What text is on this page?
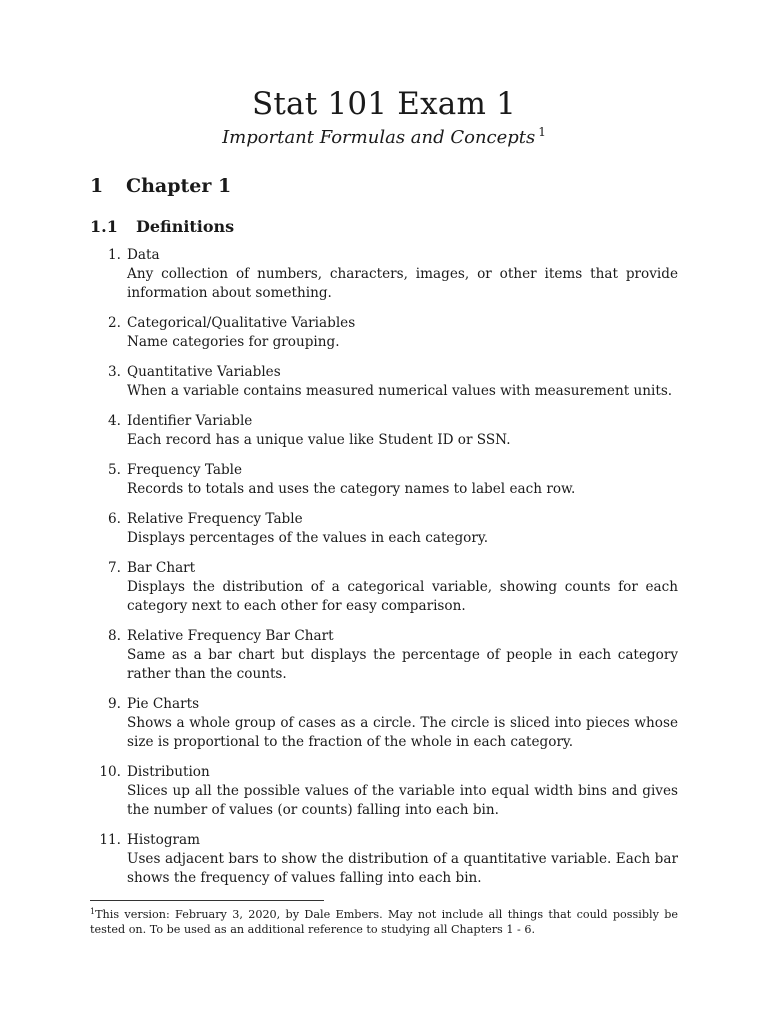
Stat 101 Exam 1
Important Formulas and Concepts $^1$
1 Chapter 1
1.1 Definitions
1. Data
Any collection of numbers, characters, images, or other items that provide information about something.
2. Categorical/Qualitative Variables
Name categories for grouping.
3. Quantitative Variables
When a variable contains measured numerical values with measurement units.
4. Identifier Variable
Each record has a unique value like Student ID or SSN.
5. Frequency Table
Records to totals and uses the category names to label each row.
6. Relative Frequency Table
Displays percentages of the values in each category.
7. Bar Chart
Displays the distribution of a categorical variable, showing counts for each category next to each other for easy comparison.
8. Relative Frequency Bar Chart
Same as a bar chart but displays the percentage of people in each category rather than the counts.
9. Pie Charts
Shows a whole group of cases as a circle. The circle is sliced into pieces whose size is proportional to the fraction of the whole in each category.
10. Distribution
Slices up all the possible values of the variable into equal width bins and gives the number of values (or counts) falling into each bin.
11. Histogram
Uses adjacent bars to show the distribution of a quantitative variable. Each bar shows the frequency of values falling into each bin.
$^1$This version: February 3, 2020, by Dale Embers. May not include all things that could possibly be tested on. To be used as an additional reference to studying all Chapters 1 - 6.
